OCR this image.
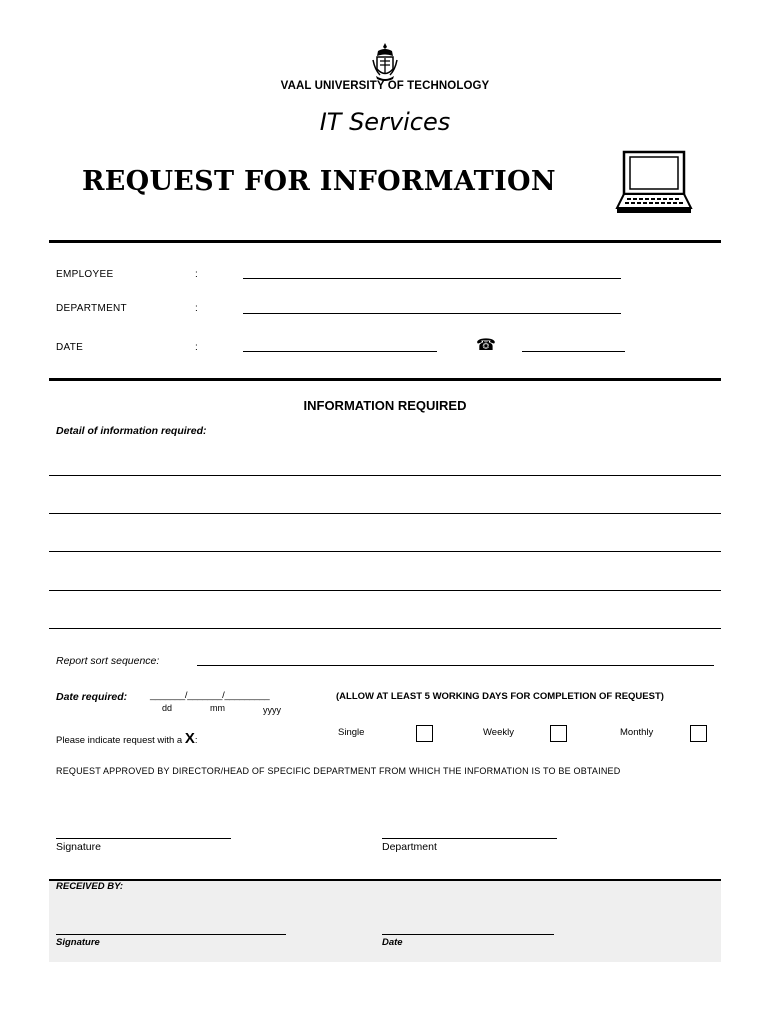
VAAL UNIVERSITY OF TECHNOLOGY
IT Services
REQUEST FOR INFORMATION
EMPLOYEE	:
DEPARTMENT	:
DATE	:	☎
INFORMATION REQUIRED
Detail of information required:
Report sort sequence:
Date required: _______/_______/_________
dd	mm	yyyy
(ALLOW AT LEAST 5 WORKING DAYS FOR COMPLETION OF REQUEST)
Please indicate request with a X:
Single	Weekly	Monthly
REQUEST APPROVED BY DIRECTOR/HEAD OF SPECIFIC DEPARTMENT FROM WHICH THE INFORMATION IS TO BE OBTAINED
Signature	Department
RECEIVED BY:
Signature	Date
